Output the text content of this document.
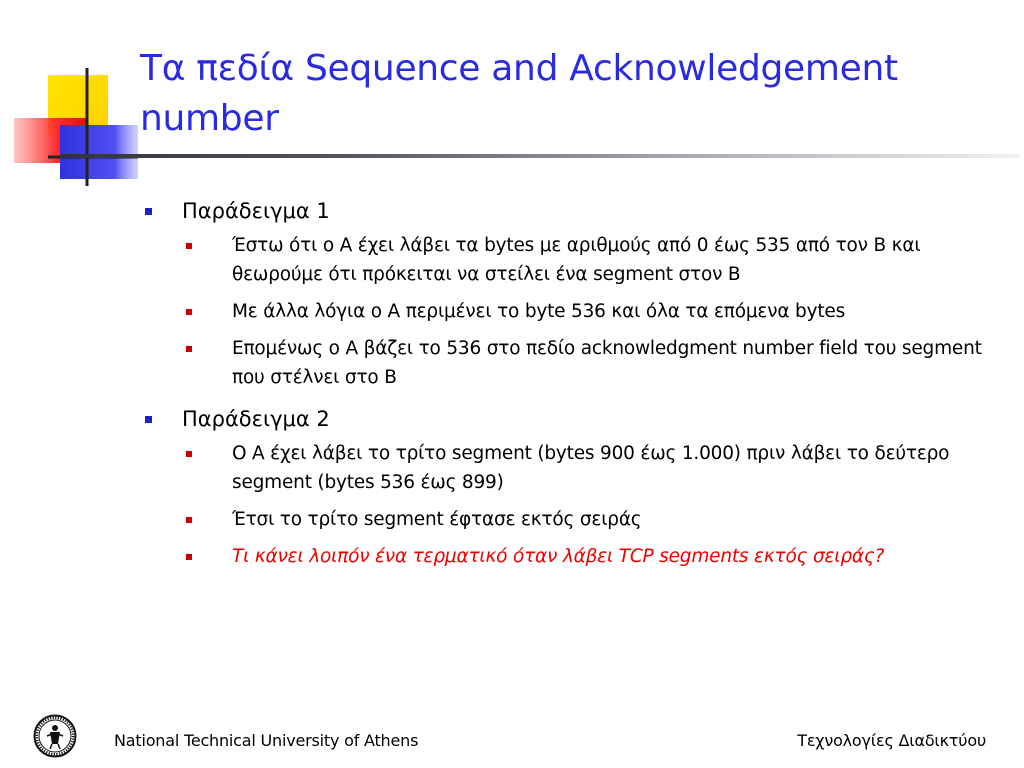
Τα πεδία Sequence and Acknowledgement number
Παράδειγμα 1
Έστω ότι ο Α έχει λάβει τα bytes με αριθμούς από 0 έως 535 από τον Β και θεωρούμε ότι πρόκειται να στείλει ένα segment στον Β
Με άλλα λόγια ο Α περιμένει το byte 536 και όλα τα επόμενα bytes
Επομένως ο Α βάζει το 536 στο πεδίο acknowledgment number field του segment που στέλνει στο Β
Παράδειγμα 2
Ο Α έχει λάβει το τρίτο segment (bytes 900 έως 1.000) πριν λάβει το δεύτερο segment (bytes 536 έως 899)
Έτσι το τρίτο segment έφτασε εκτός σειράς
Τι κάνει λοιπόν ένα τερματικό όταν λάβει TCP segments εκτός σειράς?
National Technical University of Athens	Τεχνολογίες Διαδικτύου
